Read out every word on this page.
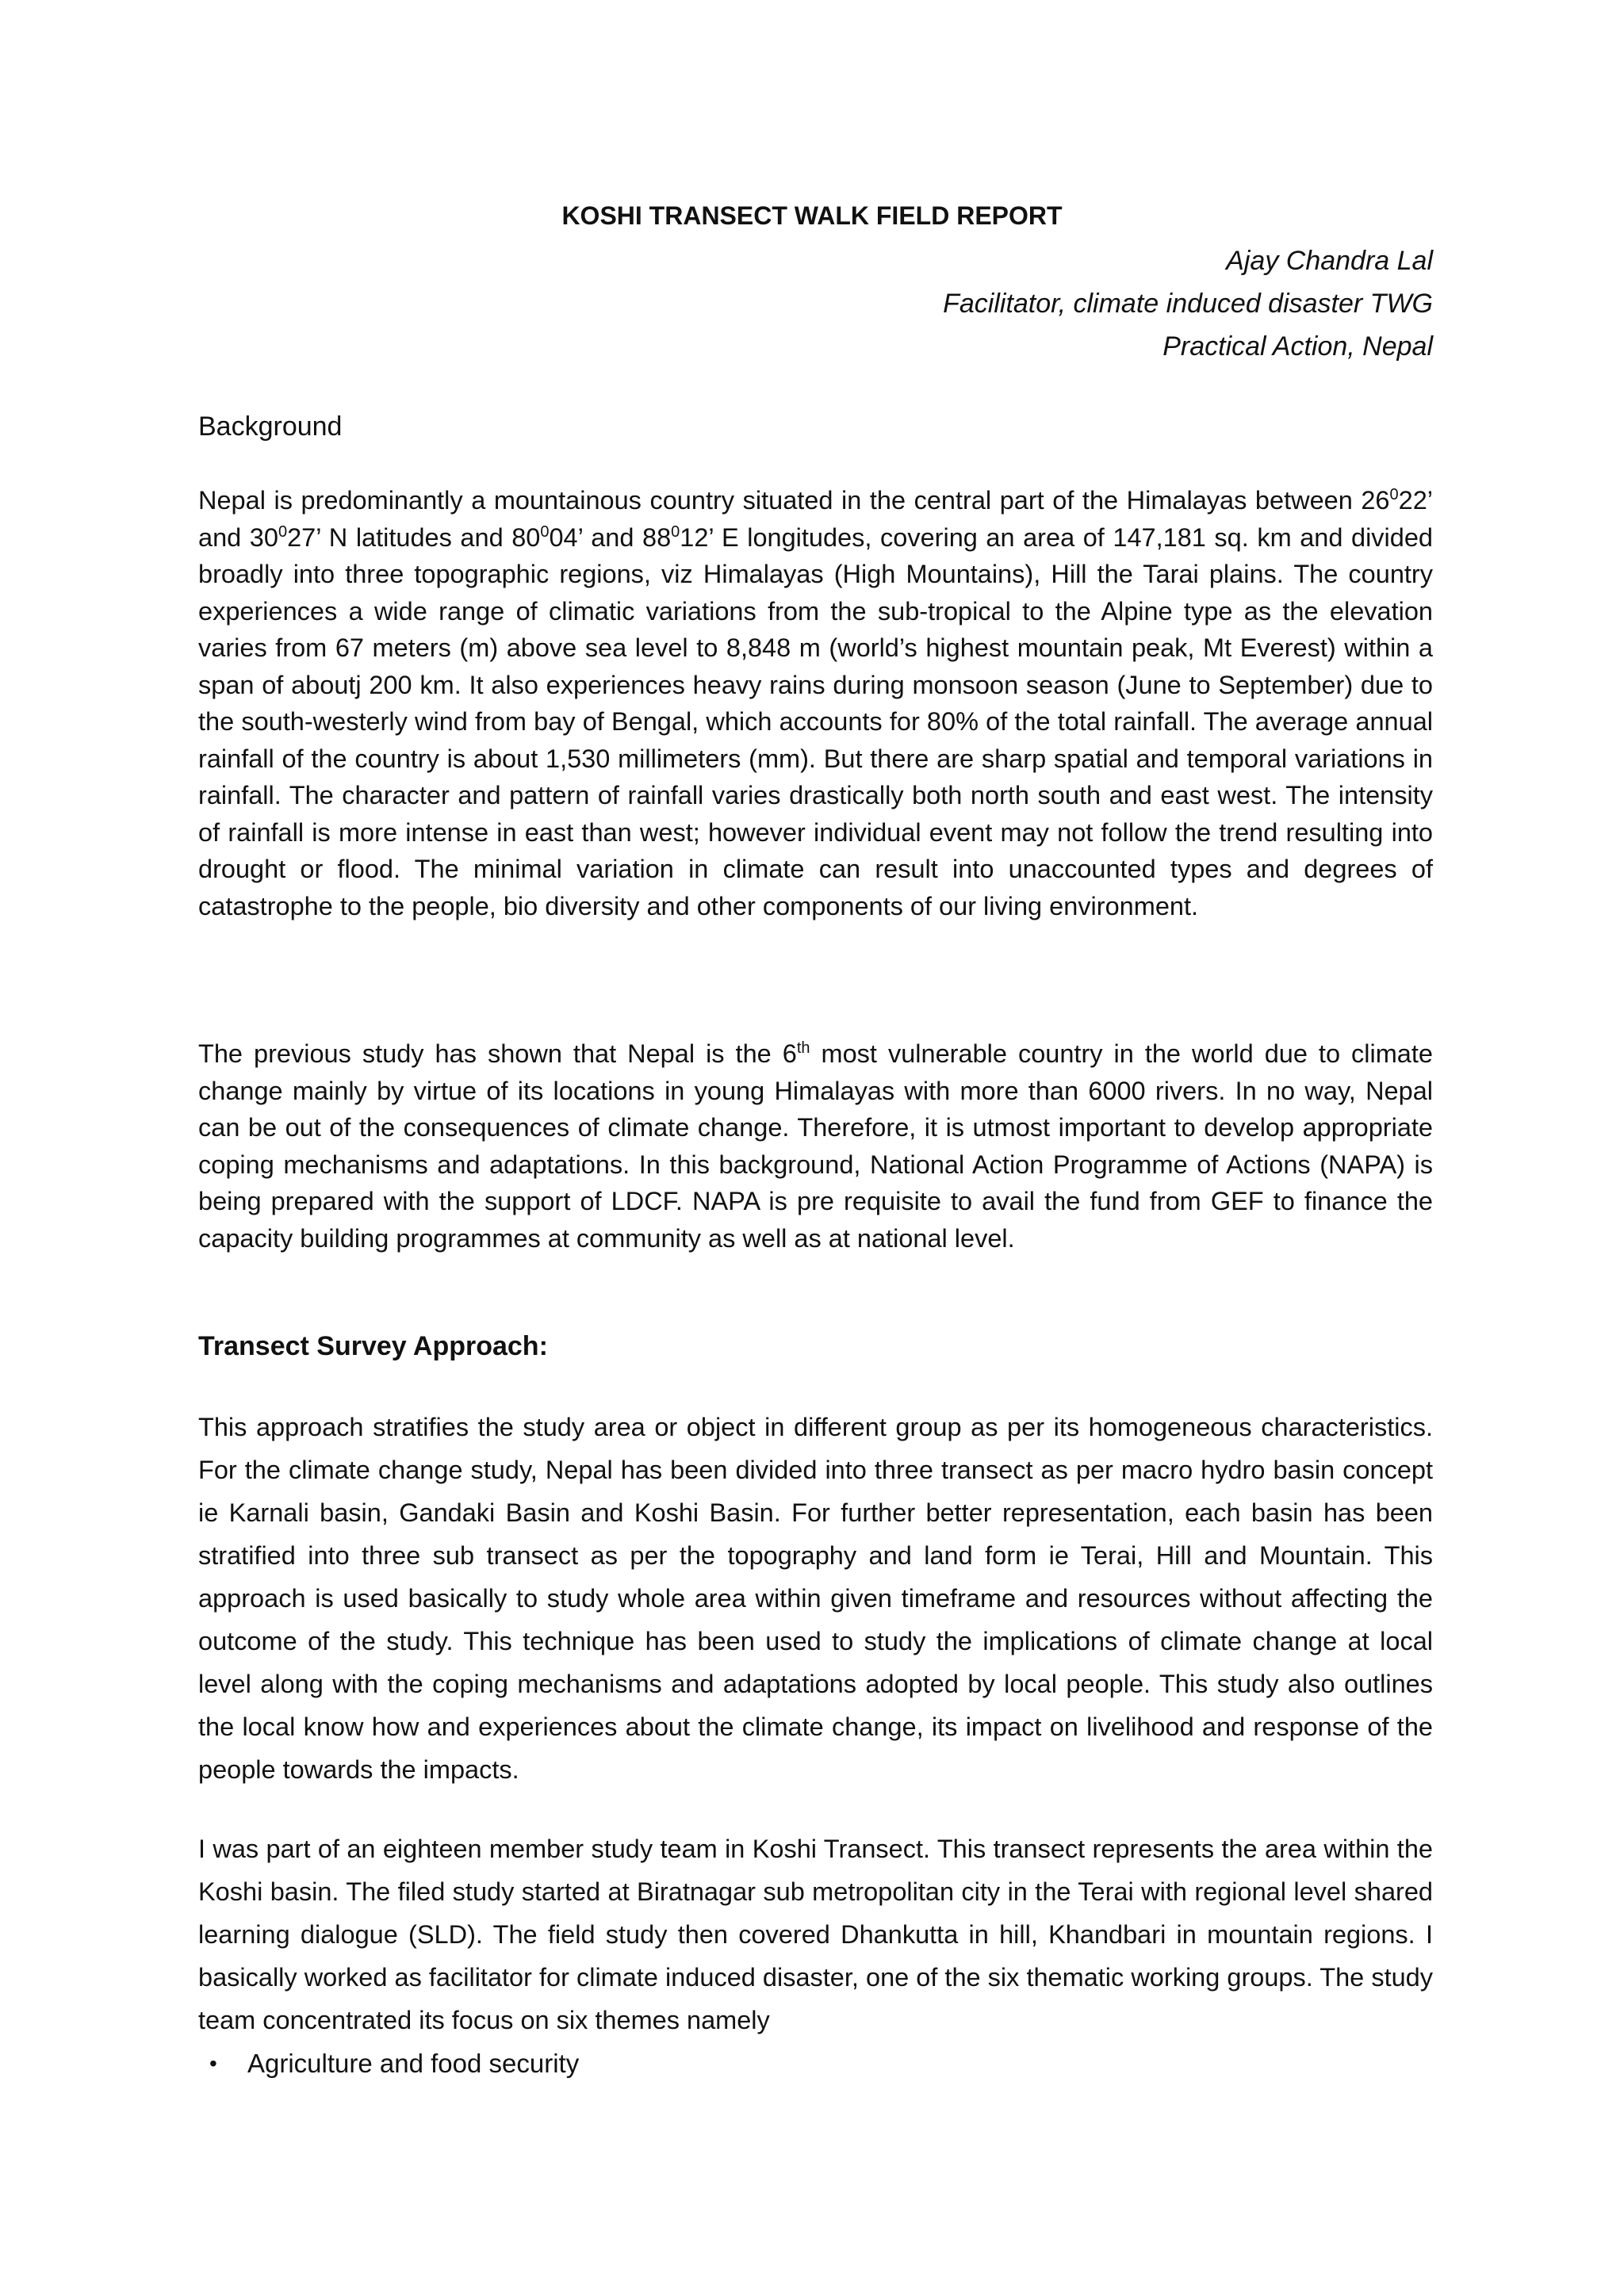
KOSHI TRANSECT WALK FIELD REPORT
Ajay Chandra Lal
Facilitator, climate induced disaster TWG
Practical Action, Nepal
Background
Nepal is predominantly a mountainous country situated in the central part of the Himalayas between $26^022$’ and $30^027$’ N latitudes and $80^004$’ and $88^012$’ E longitudes, covering an area of 147,181 sq. km and divided broadly into three topographic regions, viz Himalayas (High Mountains), Hill the Tarai plains. The country experiences a wide range of climatic variations from the sub-tropical to the Alpine type as the elevation varies from 67 meters (m) above sea level to 8,848 m (world’s highest mountain peak, Mt Everest) within a span of aboutj 200 km. It also experiences heavy rains during monsoon season (June to September) due to the south-westerly wind from bay of Bengal, which accounts for 80% of the total rainfall. The average annual rainfall of the country is about 1,530 millimeters (mm). But there are sharp spatial and temporal variations in rainfall. The character and pattern of rainfall varies drastically both north south and east west. The intensity of rainfall is more intense in east than west; however individual event may not follow the trend resulting into drought or flood. The minimal variation in climate can result into unaccounted types and degrees of catastrophe to the people, bio diversity and other components of our living environment.
The previous study has shown that Nepal is the 6th most vulnerable country in the world due to climate change mainly by virtue of its locations in young Himalayas with more than 6000 rivers. In no way, Nepal can be out of the consequences of climate change. Therefore, it is utmost important to develop appropriate coping mechanisms and adaptations. In this background, National Action Programme of Actions (NAPA) is being prepared with the support of LDCF. NAPA is pre requisite to avail the fund from GEF to finance the capacity building programmes at community as well as at national level.
Transect Survey Approach:
This approach stratifies the study area or object in different group as per its homogeneous characteristics. For the climate change study, Nepal has been divided into three transect as per macro hydro basin concept ie Karnali basin, Gandaki Basin and Koshi Basin. For further better representation, each basin has been stratified into three sub transect as per the topography and land form ie Terai, Hill and Mountain. This approach is used basically to study whole area within given timeframe and resources without affecting the outcome of the study. This technique has been used to study the implications of climate change at local level along with the coping mechanisms and adaptations adopted by local people. This study also outlines the local know how and experiences about the climate change, its impact on livelihood and response of the people towards the impacts.
I was part of an eighteen member study team in Koshi Transect. This transect represents the area within the Koshi basin. The filed study started at Biratnagar sub metropolitan city in the Terai with regional level shared learning dialogue (SLD). The field study then covered Dhankutta in hill, Khandbari in mountain regions. I basically worked as facilitator for climate induced disaster, one of the six thematic working groups. The study team concentrated its focus on six themes namely
•	Agriculture and food security
